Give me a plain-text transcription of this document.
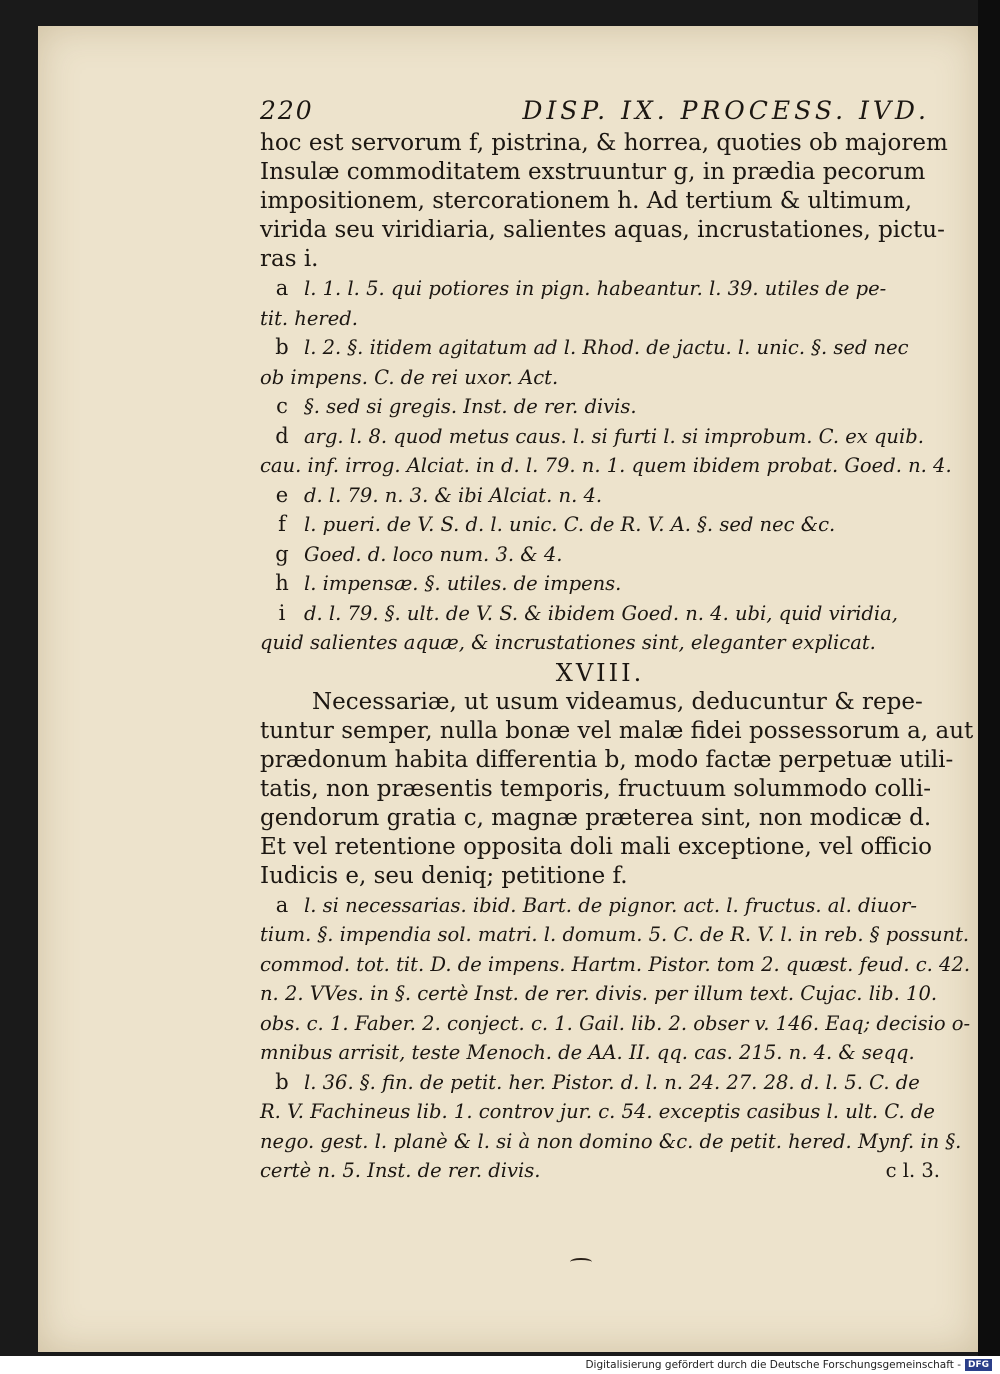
220	DISP. IX. PROCESS. IVD.

hoc est servorum f, pistrina, & horrea, quoties ob majorem

Insulæ commoditatem exstruuntur g, in prædia pecorum

impositionem, stercorationem h. Ad tertium & ultimum,

virida seu viridiaria, salientes aquas, incrustationes, pictu-

ras i.

a l. 1. l. 5. qui potiores in pign. habeantur. l. 39. utiles de pe-

tit. hered.

b l. 2. §. itidem agitatum ad l. Rhod. de jactu. l. unic. §. sed nec

ob impens. C. de rei uxor. Act.

c §. sed si gregis. Inst. de rer. divis.

d arg. l. 8. quod metus caus. l. si furti l. si improbum. C. ex quib.

cau. inf. irrog. Alciat. in d. l. 79. n. 1. quem ibidem probat. Goed. n. 4.

e d. l. 79. n. 3. & ibi Alciat. n. 4.

f l. pueri. de V. S. d. l. unic. C. de R. V. A. §. sed nec &c.

g Goed. d. loco num. 3. & 4.

h l. impensæ. §. utiles. de impens.

i d. l. 79. §. ult. de V. S. & ibidem Goed. n. 4. ubi, quid viridia,

quid salientes aquæ, & incrustationes sint, eleganter explicat.

XVIII.

Necessariæ, ut usum videamus, deducuntur & repe-

tuntur semper, nulla bonæ vel malæ fidei possessorum a, aut

prædonum habita differentia b, modo factæ perpetuæ utili-

tatis, non præsentis temporis, fructuum solummodo colli-

gendorum gratia c, magnæ præterea sint, non modicæ d.

Et vel retentione opposita doli mali exceptione, vel officio

Iudicis e, seu deniq; petitione f.

a l. si necessarias. ibid. Bart. de pignor. act. l. fructus. al. diuor-

tium. §. impendia sol. matri. l. domum. 5. C. de R. V. l. in reb. § possunt.

commod. tot. tit. D. de impens. Hartm. Pistor. tom 2. quæst. feud. c. 42.

n. 2. VVes. in §. certè Inst. de rer. divis. per illum text. Cujac. lib. 10.

obs. c. 1. Faber. 2. conject. c. 1. Gail. lib. 2. obser v. 146. Eaq; decisio o-

mnibus arrisit, teste Menoch. de AA. II. qq. cas. 215. n. 4. & seqq.

b l. 36. §. fin. de petit. her. Pistor. d. l. n. 24. 27. 28. d. l. 5. C. de

R. V. Fachineus lib. 1. controv jur. c. 54. exceptis casibus l. ult. C. de

nego. gest. l. planè & l. si à non domino &c. de petit. hered. Mynf. in §.

certè n. 5. Inst. de rer. divis.	c l. 3.

Digitalisierung gefördert durch die Deutsche Forschungsgemeinschaft - DFG
